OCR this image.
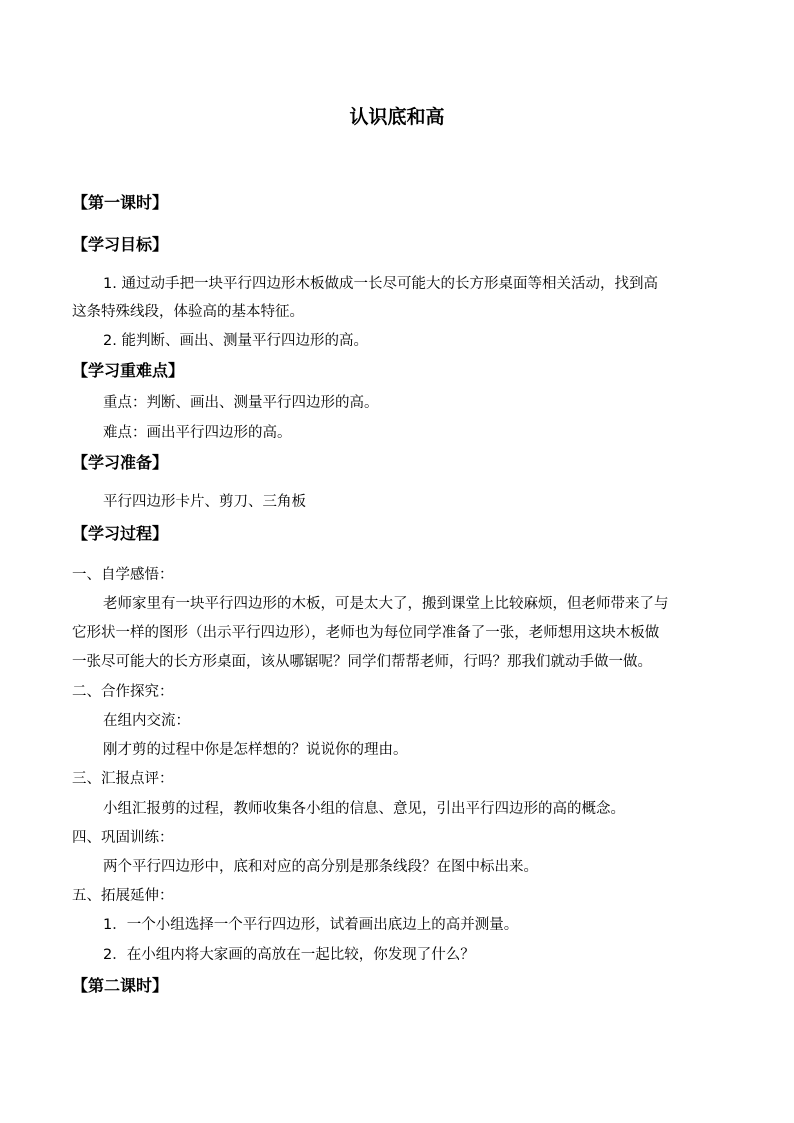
认识底和高
【第一课时】
【学习目标】
1. 通过动手把一块平行四边形木板做成一长尽可能大的长方形桌面等相关活动，找到高
这条特殊线段，体验高的基本特征。
2. 能判断、画出、测量平行四边形的高。
【学习重难点】
重点：判断、画出、测量平行四边形的高。
难点：画出平行四边形的高。
【学习准备】
平行四边形卡片、剪刀、三角板
【学习过程】
一、自学感悟：
老师家里有一块平行四边形的木板，可是太大了，搬到课堂上比较麻烦，但老师带来了与
它形状一样的图形（出示平行四边形），老师也为每位同学准备了一张，老师想用这块木板做
一张尽可能大的长方形桌面，该从哪锯呢？同学们帮帮老师，行吗？那我们就动手做一做。
二、合作探究：
在组内交流：
刚才剪的过程中你是怎样想的？说说你的理由。
三、汇报点评：
小组汇报剪的过程，教师收集各小组的信息、意见，引出平行四边形的高的概念。
四、巩固训练：
两个平行四边形中，底和对应的高分别是那条线段？在图中标出来。
五、拓展延伸：
1．一个小组选择一个平行四边形，试着画出底边上的高并测量。
2．在小组内将大家画的高放在一起比较，你发现了什么？
【第二课时】
